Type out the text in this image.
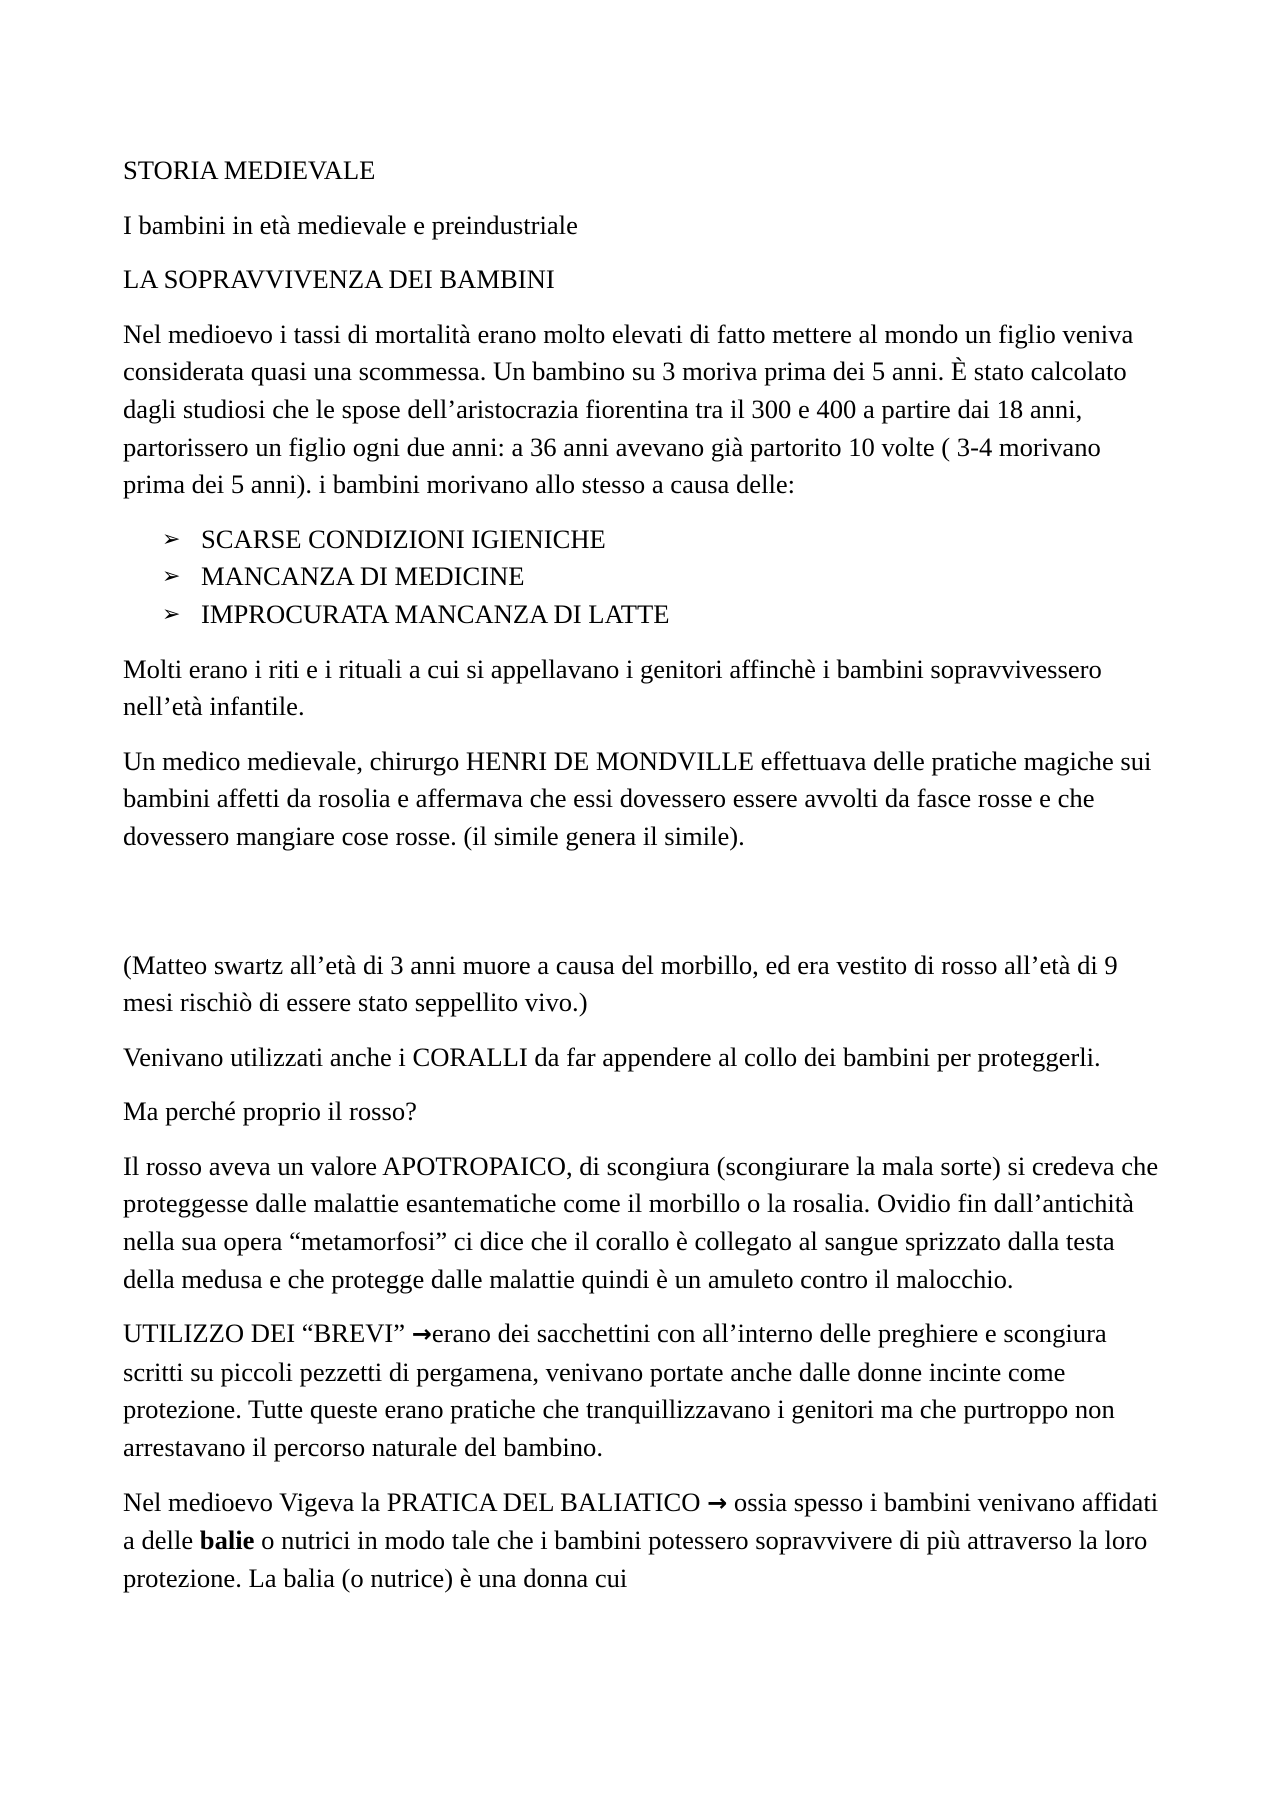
STORIA MEDIEVALE

I bambini in età medievale e preindustriale

LA SOPRAVVIVENZA DEI BAMBINI

Nel medioevo i tassi di mortalità erano molto elevati di fatto mettere al mondo un figlio veniva considerata quasi una scommessa. Un bambino su 3 moriva prima dei 5 anni. È stato calcolato dagli studiosi che le spose dell’aristocrazia fiorentina tra il 300 e 400 a partire dai 18 anni, partorissero un figlio ogni due anni: a 36 anni avevano già partorito 10 volte ( 3-4 morivano prima dei 5 anni). i bambini morivano allo stesso a causa delle:

➢ SCARSE CONDIZIONI IGIENICHE
➢ MANCANZA DI MEDICINE
➢ IMPROCURATA MANCANZA DI LATTE

Molti erano i riti e i rituali a cui si appellavano i genitori affinchè i bambini sopravvivessero nell’età infantile.

Un medico medievale, chirurgo HENRI DE MONDVILLE effettuava delle pratiche magiche sui bambini affetti da rosolia e affermava che essi dovessero essere avvolti da fasce rosse e che dovessero mangiare cose rosse. (il simile genera il simile).

(Matteo swartz all’età di 3 anni muore a causa del morbillo, ed era vestito di rosso all’età di 9 mesi rischiò di essere stato seppellito vivo.)

Venivano utilizzati anche i CORALLI da far appendere al collo dei bambini per proteggerli.

Ma perché proprio il rosso?

Il rosso aveva un valore APOTROPAICO, di scongiura (scongiurare la mala sorte) si credeva che proteggesse dalle malattie esantematiche come il morbillo o la rosalia. Ovidio fin dall’antichità nella sua opera “metamorfosi” ci dice che il corallo è collegato al sangue sprizzato dalla testa della medusa e che protegge dalle malattie quindi è un amuleto contro il malocchio.

UTILIZZO DEI “BREVI” →erano dei sacchettini con all’interno delle preghiere e scongiura scritti su piccoli pezzetti di pergamena, venivano portate anche dalle donne incinte come protezione. Tutte queste erano pratiche che tranquillizzavano i genitori ma che purtroppo non arrestavano il percorso naturale del bambino.

Nel medioevo Vigeva la PRATICA DEL BALIATICO → ossia spesso i bambini venivano affidati a delle balie o nutrici in modo tale che i bambini potessero sopravvivere di più attraverso la loro protezione. La balia (o nutrice) è una donna cui
